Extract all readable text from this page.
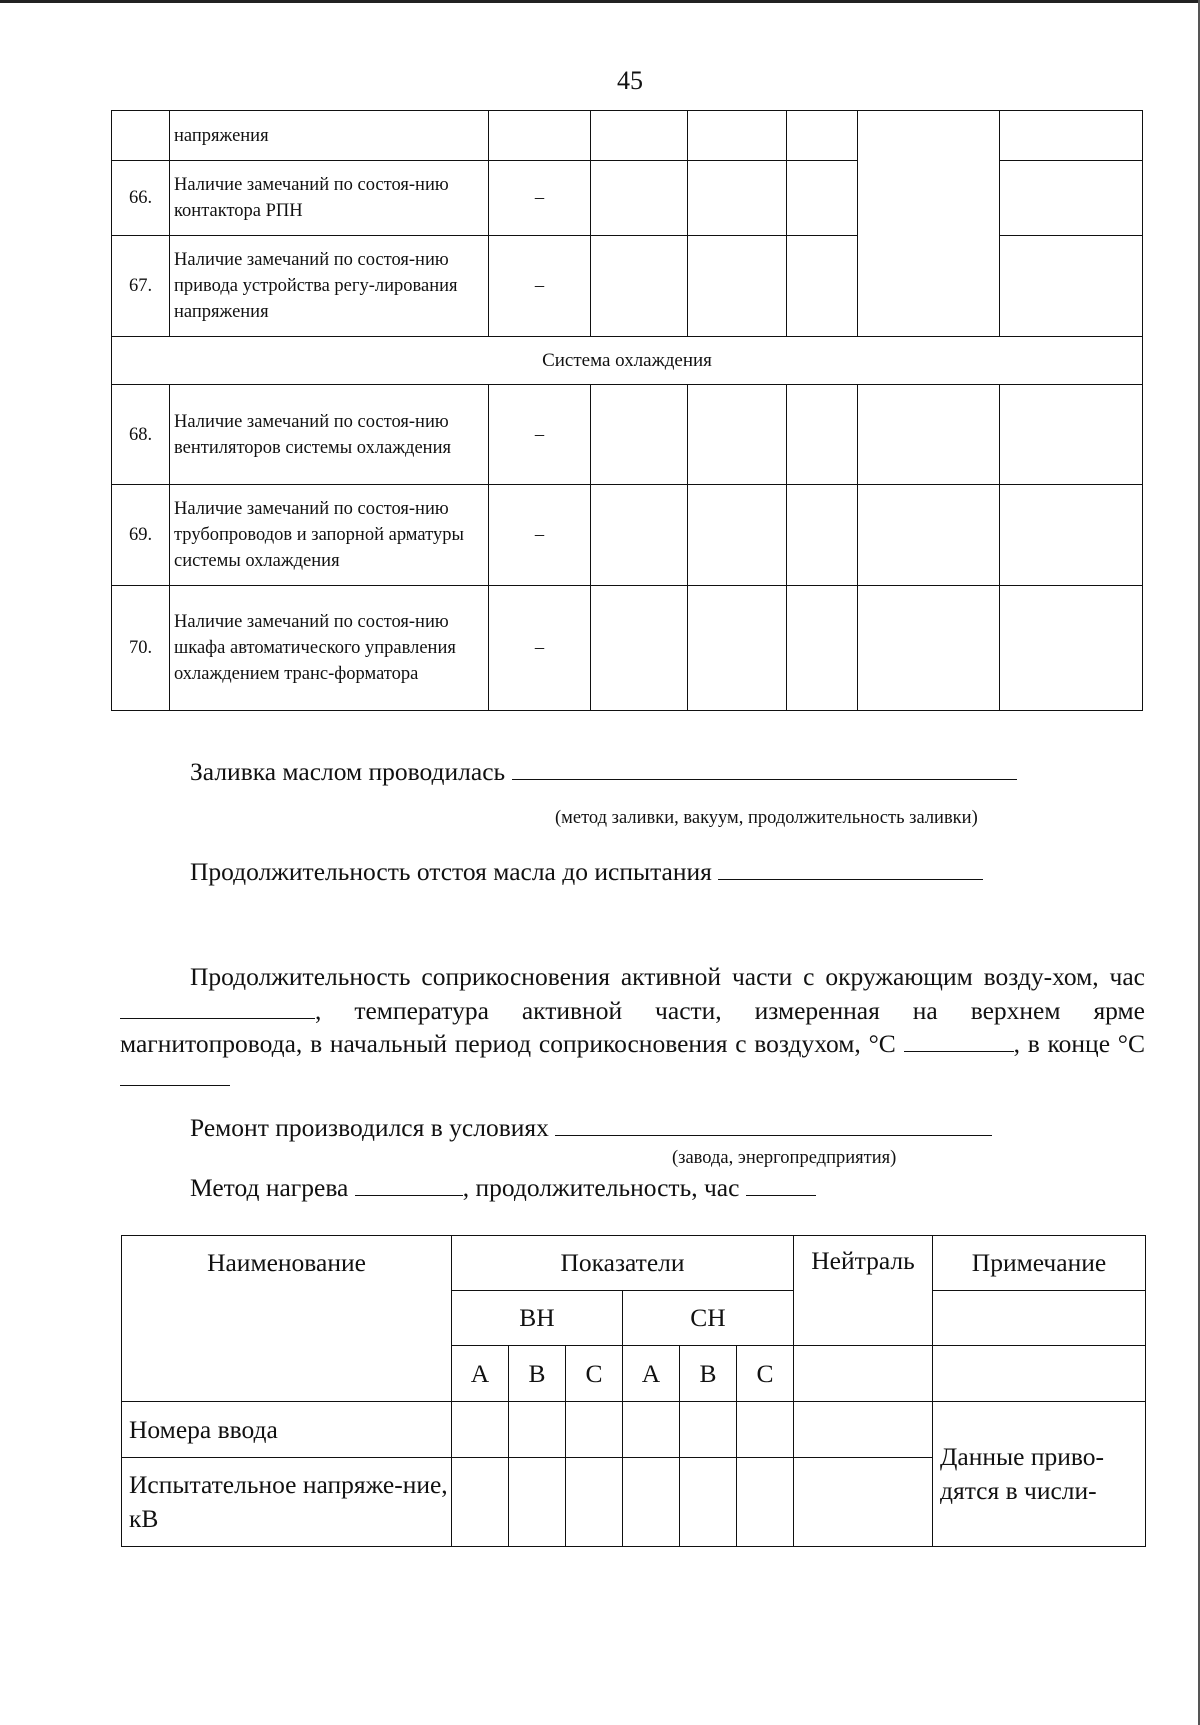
45
	напряжения						
66.	Наличие замечаний по состоя-нию контактора РПН	–					
67.	Наличие замечаний по состоя-нию привода устройства регу-лирования напряжения	–					
Система охлаждения							
68.	Наличие замечаний по состоя-нию вентиляторов системы охлаждения	–					
69.	Наличие замечаний по состоя-нию трубопроводов и запорной арматуры системы охлаждения	–					
70.	Наличие замечаний по состоя-нию шкафа автоматического управления охлаждением транс-форматора	–					
Заливка маслом проводилась
(метод заливки, вакуум, продолжительность заливки)
Продолжительность отстоя масла до испытания
Продолжительность соприкосновения активной части с окружающим возду-хом, час , температура активной части, измеренная на верхнем ярме магнитопровода, в начальный период соприкосновения с воздухом, °С	, в конце °С
Ремонт производился в условиях
(завода, энергопредприятия)
Метод нагрева	, продолжительность, час
Наименование	Показатели						Нейтраль	Примечание
	ВН			СН				
	А	В	С	А	В	С		
Номера ввода								Данные приво-дятся в числи-
Испытательное напряже-ние, кВ								
